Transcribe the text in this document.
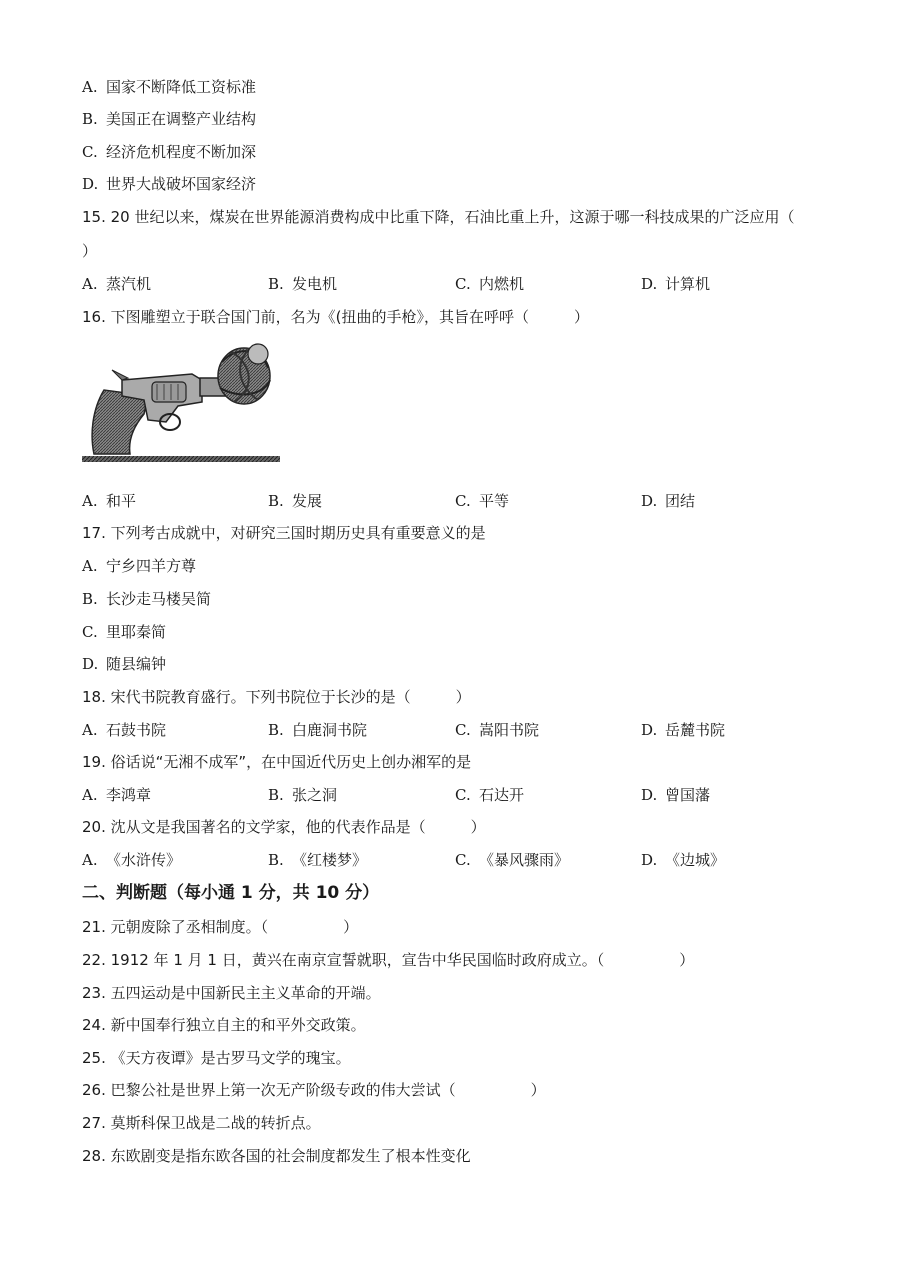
A. 国家不断降低工资标准
B. 美国正在调整产业结构
C. 经济危机程度不断加深
D. 世界大战破坏国家经济
15. 20 世纪以来，煤炭在世界能源消费构成中比重下降，石油比重上升，这源于哪一科技成果的广泛应用（
）
A. 蒸汽机	B. 发电机	C. 内燃机	D. 计算机
16. 下图雕塑立于联合国门前，名为《(扭曲的手枪》，其旨在呼呼（　　　）
A. 和平	B. 发展	C. 平等	D. 团结
17. 下列考古成就中，对研究三国时期历史具有重要意义的是
A. 宁乡四羊方尊
B. 长沙走马楼吴简
C. 里耶秦简
D. 随县编钟
18. 宋代书院教育盛行。下列书院位于长沙的是（　　　）
A. 石鼓书院	B. 白鹿洞书院	C. 嵩阳书院	D. 岳麓书院
19. 俗话说“无湘不成军”，在中国近代历史上创办湘军的是
A. 李鸿章	B. 张之洞	C. 石达开	D. 曾国藩
20. 沈从文是我国著名的文学家，他的代表作品是（　　　）
A. 《水浒传》	B. 《红楼梦》	C. 《暴风骤雨》	D. 《边城》
二、判断题（每小通 1 分，共 10 分）
21. 元朝废除了丞相制度。（　　　　　）
22. 1912 年 1 月 1 日，黄兴在南京宣誓就职，宣告中华民国临时政府成立。（　　　　　）
23. 五四运动是中国新民主主义革命的开端。
24. 新中国奉行独立自主的和平外交政策。
25. 《天方夜谭》是古罗马文学的瑰宝。
26. 巴黎公社是世界上第一次无产阶级专政的伟大尝试（　　　　　）
27. 莫斯科保卫战是二战的转折点。
28. 东欧剧变是指东欧各国的社会制度都发生了根本性变化
